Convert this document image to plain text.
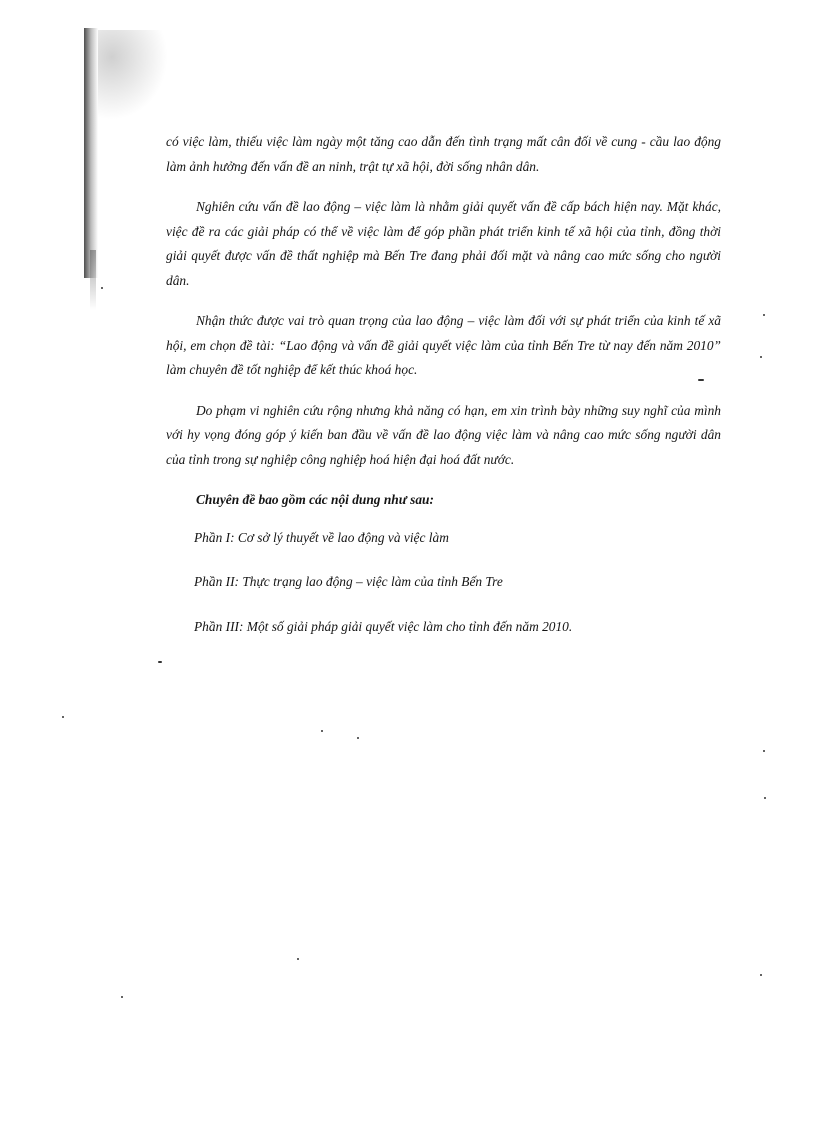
có việc làm, thiếu việc làm ngày một tăng cao dẫn đến tình trạng mất cân đối về cung - cầu lao động làm ảnh hưởng đến vấn đề an ninh, trật tự xã hội, đời sống nhân dân.

Nghiên cứu vấn đề lao động – việc làm là nhằm giải quyết vấn đề cấp bách hiện nay. Mặt khác, việc đề ra các giải pháp có thể về việc làm để góp phần phát triển kinh tế xã hội của tỉnh, đồng thời giải quyết được vấn đề thất nghiệp mà Bến Tre đang phải đối mặt và nâng cao mức sống cho người dân.

Nhận thức được vai trò quan trọng của lao động – việc làm đối với sự phát triển của kinh tế xã hội, em chọn đề tài: “Lao động và vấn đề giải quyết việc làm của tỉnh Bến Tre từ nay đến năm 2010” làm chuyên đề tốt nghiệp để kết thúc khoá học.

Do phạm vi nghiên cứu rộng nhưng khả năng có hạn, em xin trình bày những suy nghĩ của mình với hy vọng đóng góp ý kiến ban đầu về vấn đề lao động việc làm và nâng cao mức sống người dân của tỉnh trong sự nghiệp công nghiệp hoá hiện đại hoá đất nước.

Chuyên đề bao gồm các nội dung như sau:
Phần I: Cơ sở lý thuyết về lao động và việc làm
Phần II: Thực trạng lao động – việc làm của tỉnh Bến Tre
Phần III: Một số giải pháp giải quyết việc làm cho tỉnh đến năm 2010.
